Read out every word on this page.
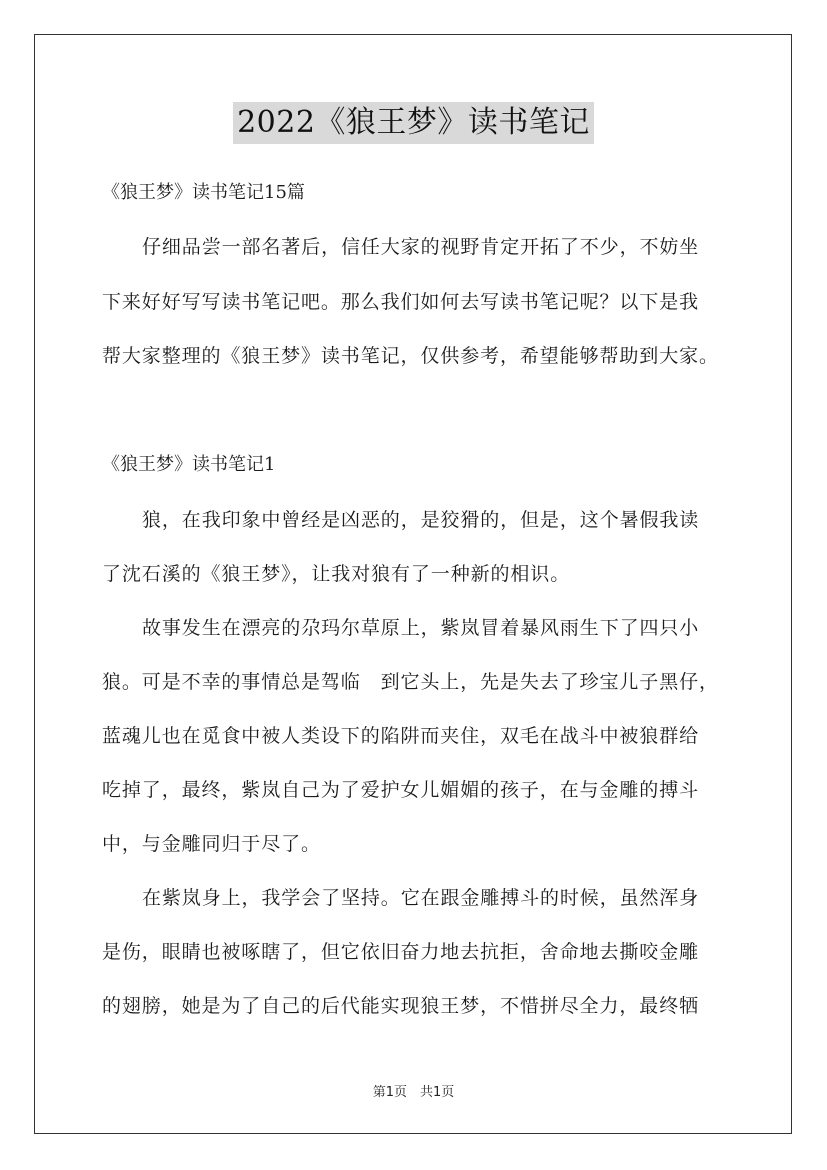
2022《狼王梦》读书笔记
《狼王梦》读书笔记15篇
仔细品尝一部名著后，信任大家的视野肯定开拓了不少，不妨坐
下来好好写写读书笔记吧。那么我们如何去写读书笔记呢？以下是我
帮大家整理的《狼王梦》读书笔记，仅供参考，希望能够帮助到大家。
《狼王梦》读书笔记1
狼，在我印象中曾经是凶恶的，是狡猾的，但是，这个暑假我读
了沈石溪的《狼王梦》，让我对狼有了一种新的相识。
故事发生在漂亮的尕玛尔草原上，紫岚冒着暴风雨生下了四只小
狼。可是不幸的事情总是驾临　到它头上，先是失去了珍宝儿子黑仔，
蓝魂儿也在觅食中被人类设下的陷阱而夹住，双毛在战斗中被狼群给
吃掉了，最终，紫岚自己为了爱护女儿媚媚的孩子，在与金雕的搏斗
中，与金雕同归于尽了。
在紫岚身上，我学会了坚持。它在跟金雕搏斗的时候，虽然浑身
是伤，眼睛也被啄瞎了，但它依旧奋力地去抗拒，舍命地去撕咬金雕
的翅膀，她是为了自己的后代能实现狼王梦，不惜拼尽全力，最终牺
第1页　共1页
